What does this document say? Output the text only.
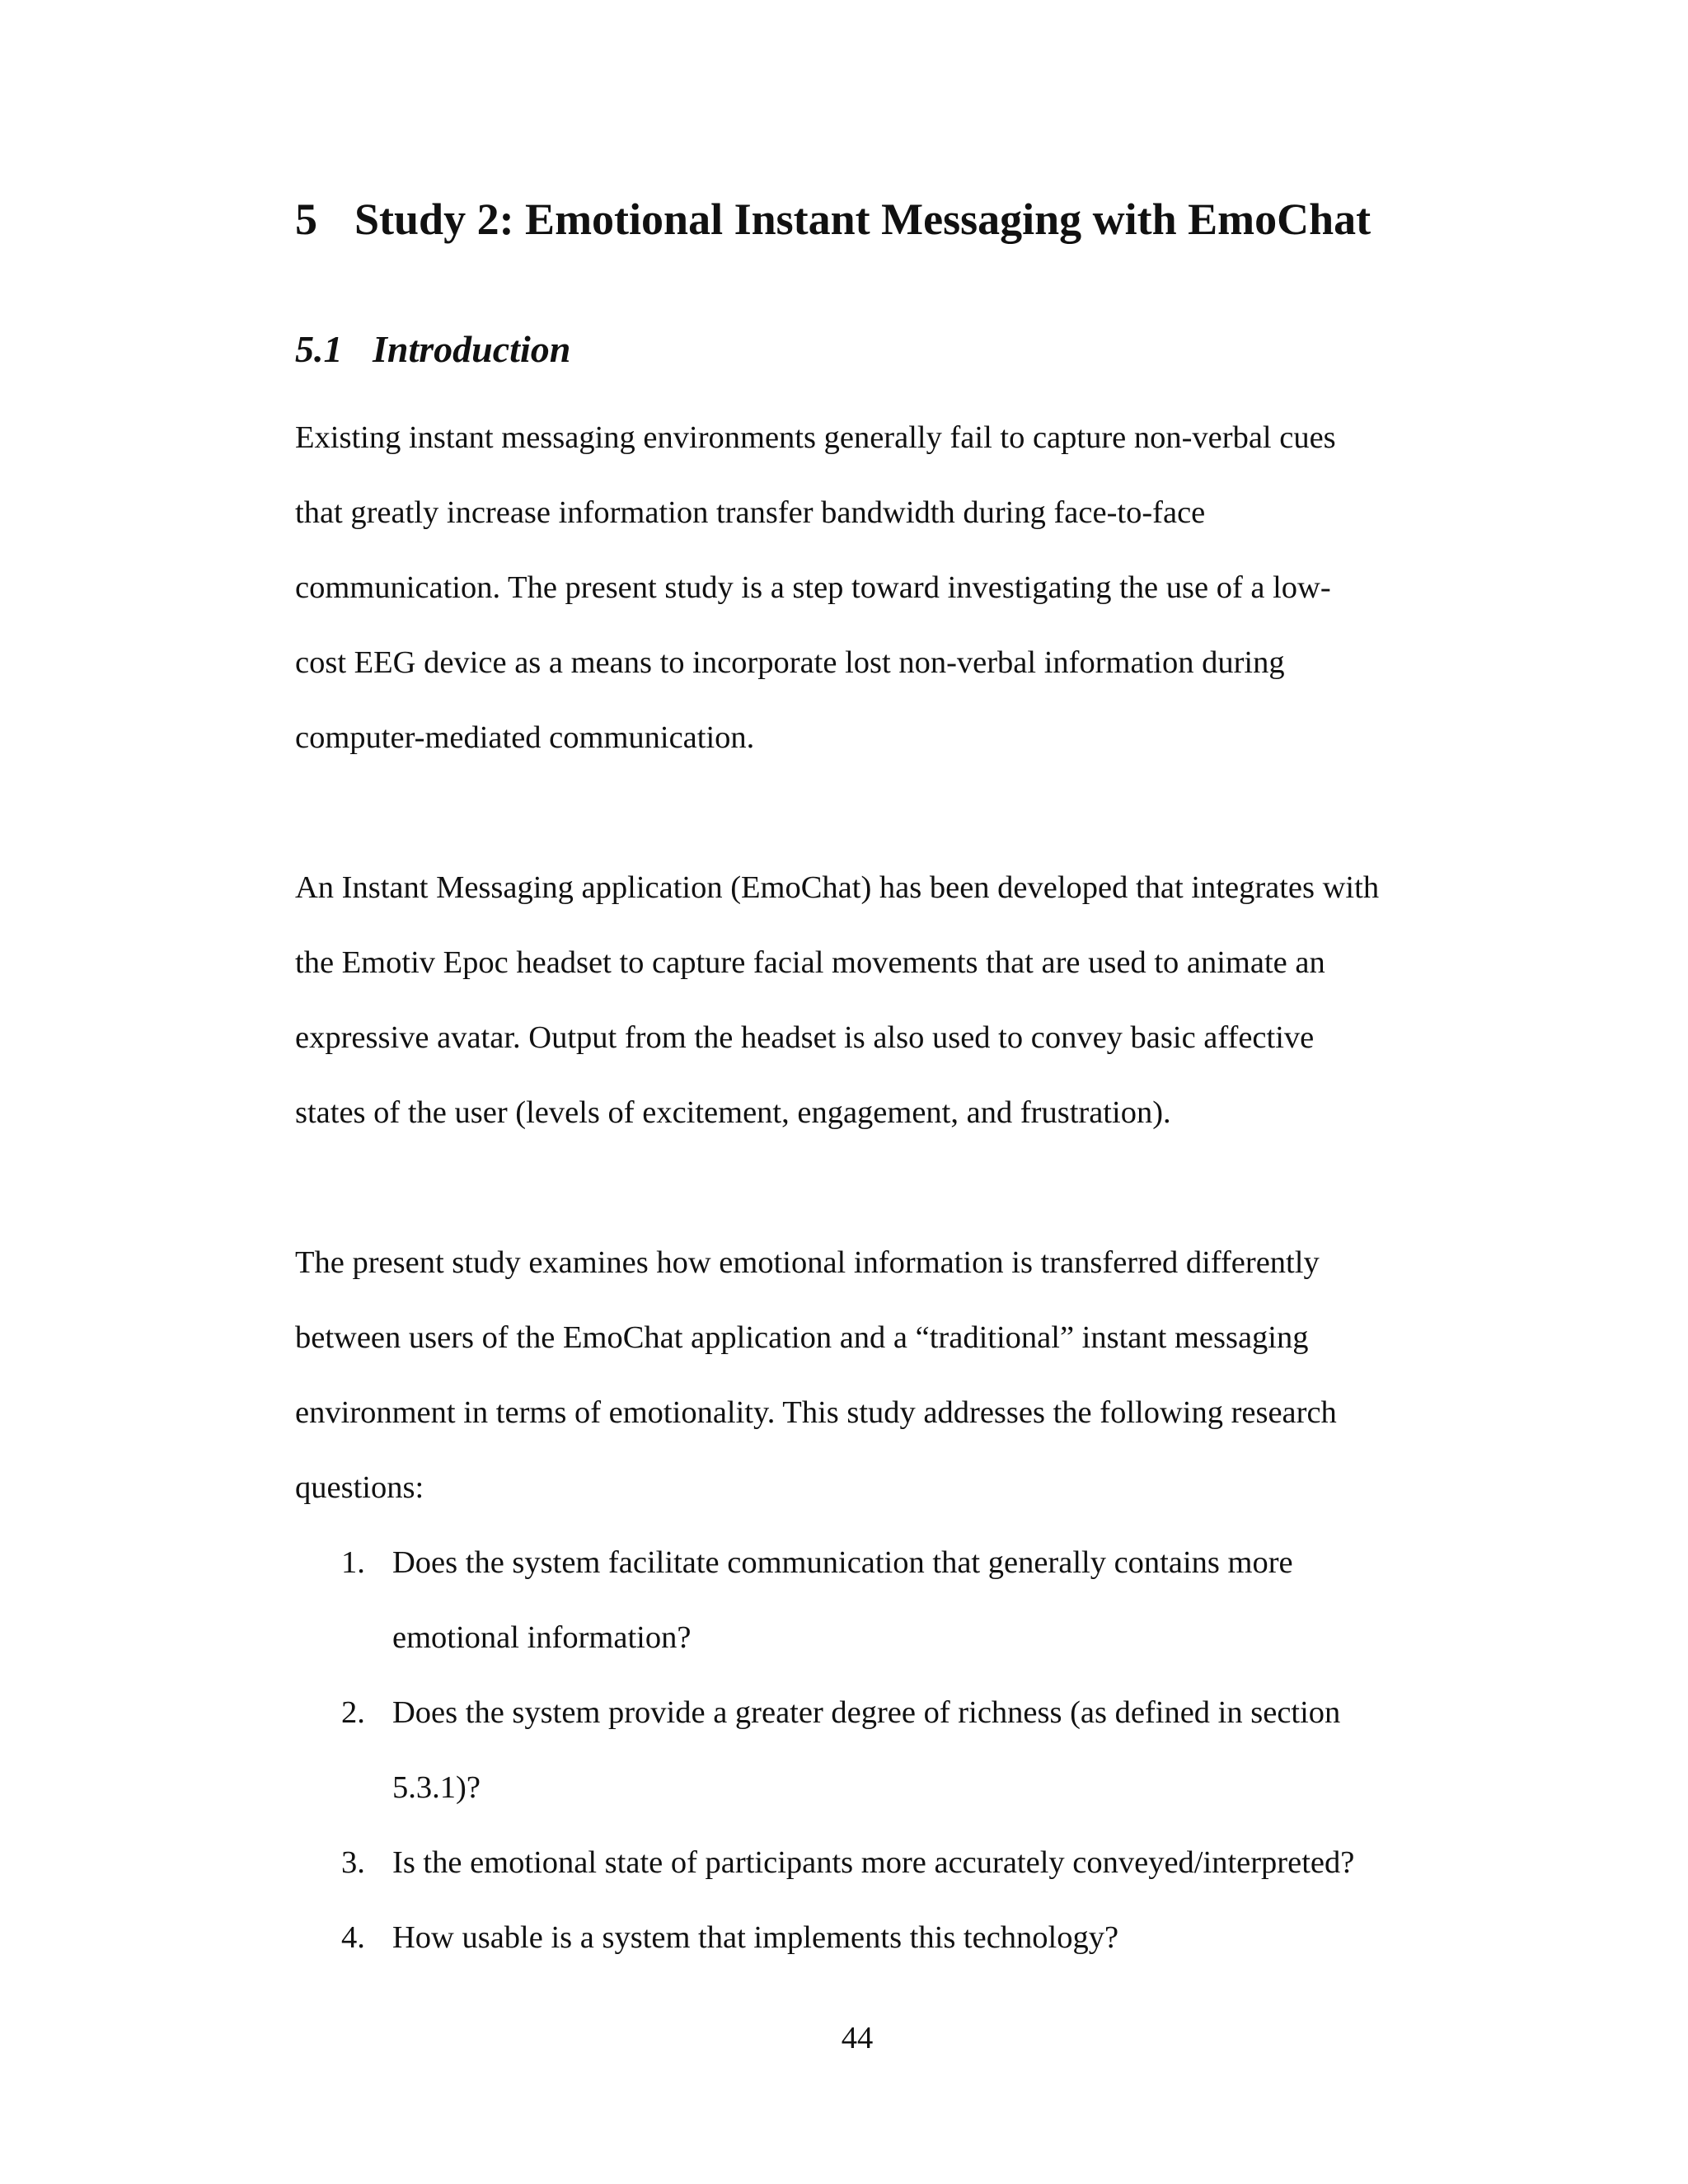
5 Study 2: Emotional Instant Messaging with EmoChat
5.1 Introduction

Existing instant messaging environments generally fail to capture non-verbal cues

that greatly increase information transfer bandwidth during face-to-face

communication. The present study is a step toward investigating the use of a low-

cost EEG device as a means to incorporate lost non-verbal information during

computer-mediated communication.

An Instant Messaging application (EmoChat) has been developed that integrates with

the Emotiv Epoc headset to capture facial movements that are used to animate an

expressive avatar. Output from the headset is also used to convey basic affective

states of the user (levels of excitement, engagement, and frustration).

The present study examines how emotional information is transferred differently

between users of the EmoChat application and a “traditional” instant messaging

environment in terms of emotionality. This study addresses the following research

questions:

1. Does the system facilitate communication that generally contains more
emotional information?
2. Does the system provide a greater degree of richness (as defined in section
5.3.1)?
3. Is the emotional state of participants more accurately conveyed/interpreted?
4. How usable is a system that implements this technology?
44
